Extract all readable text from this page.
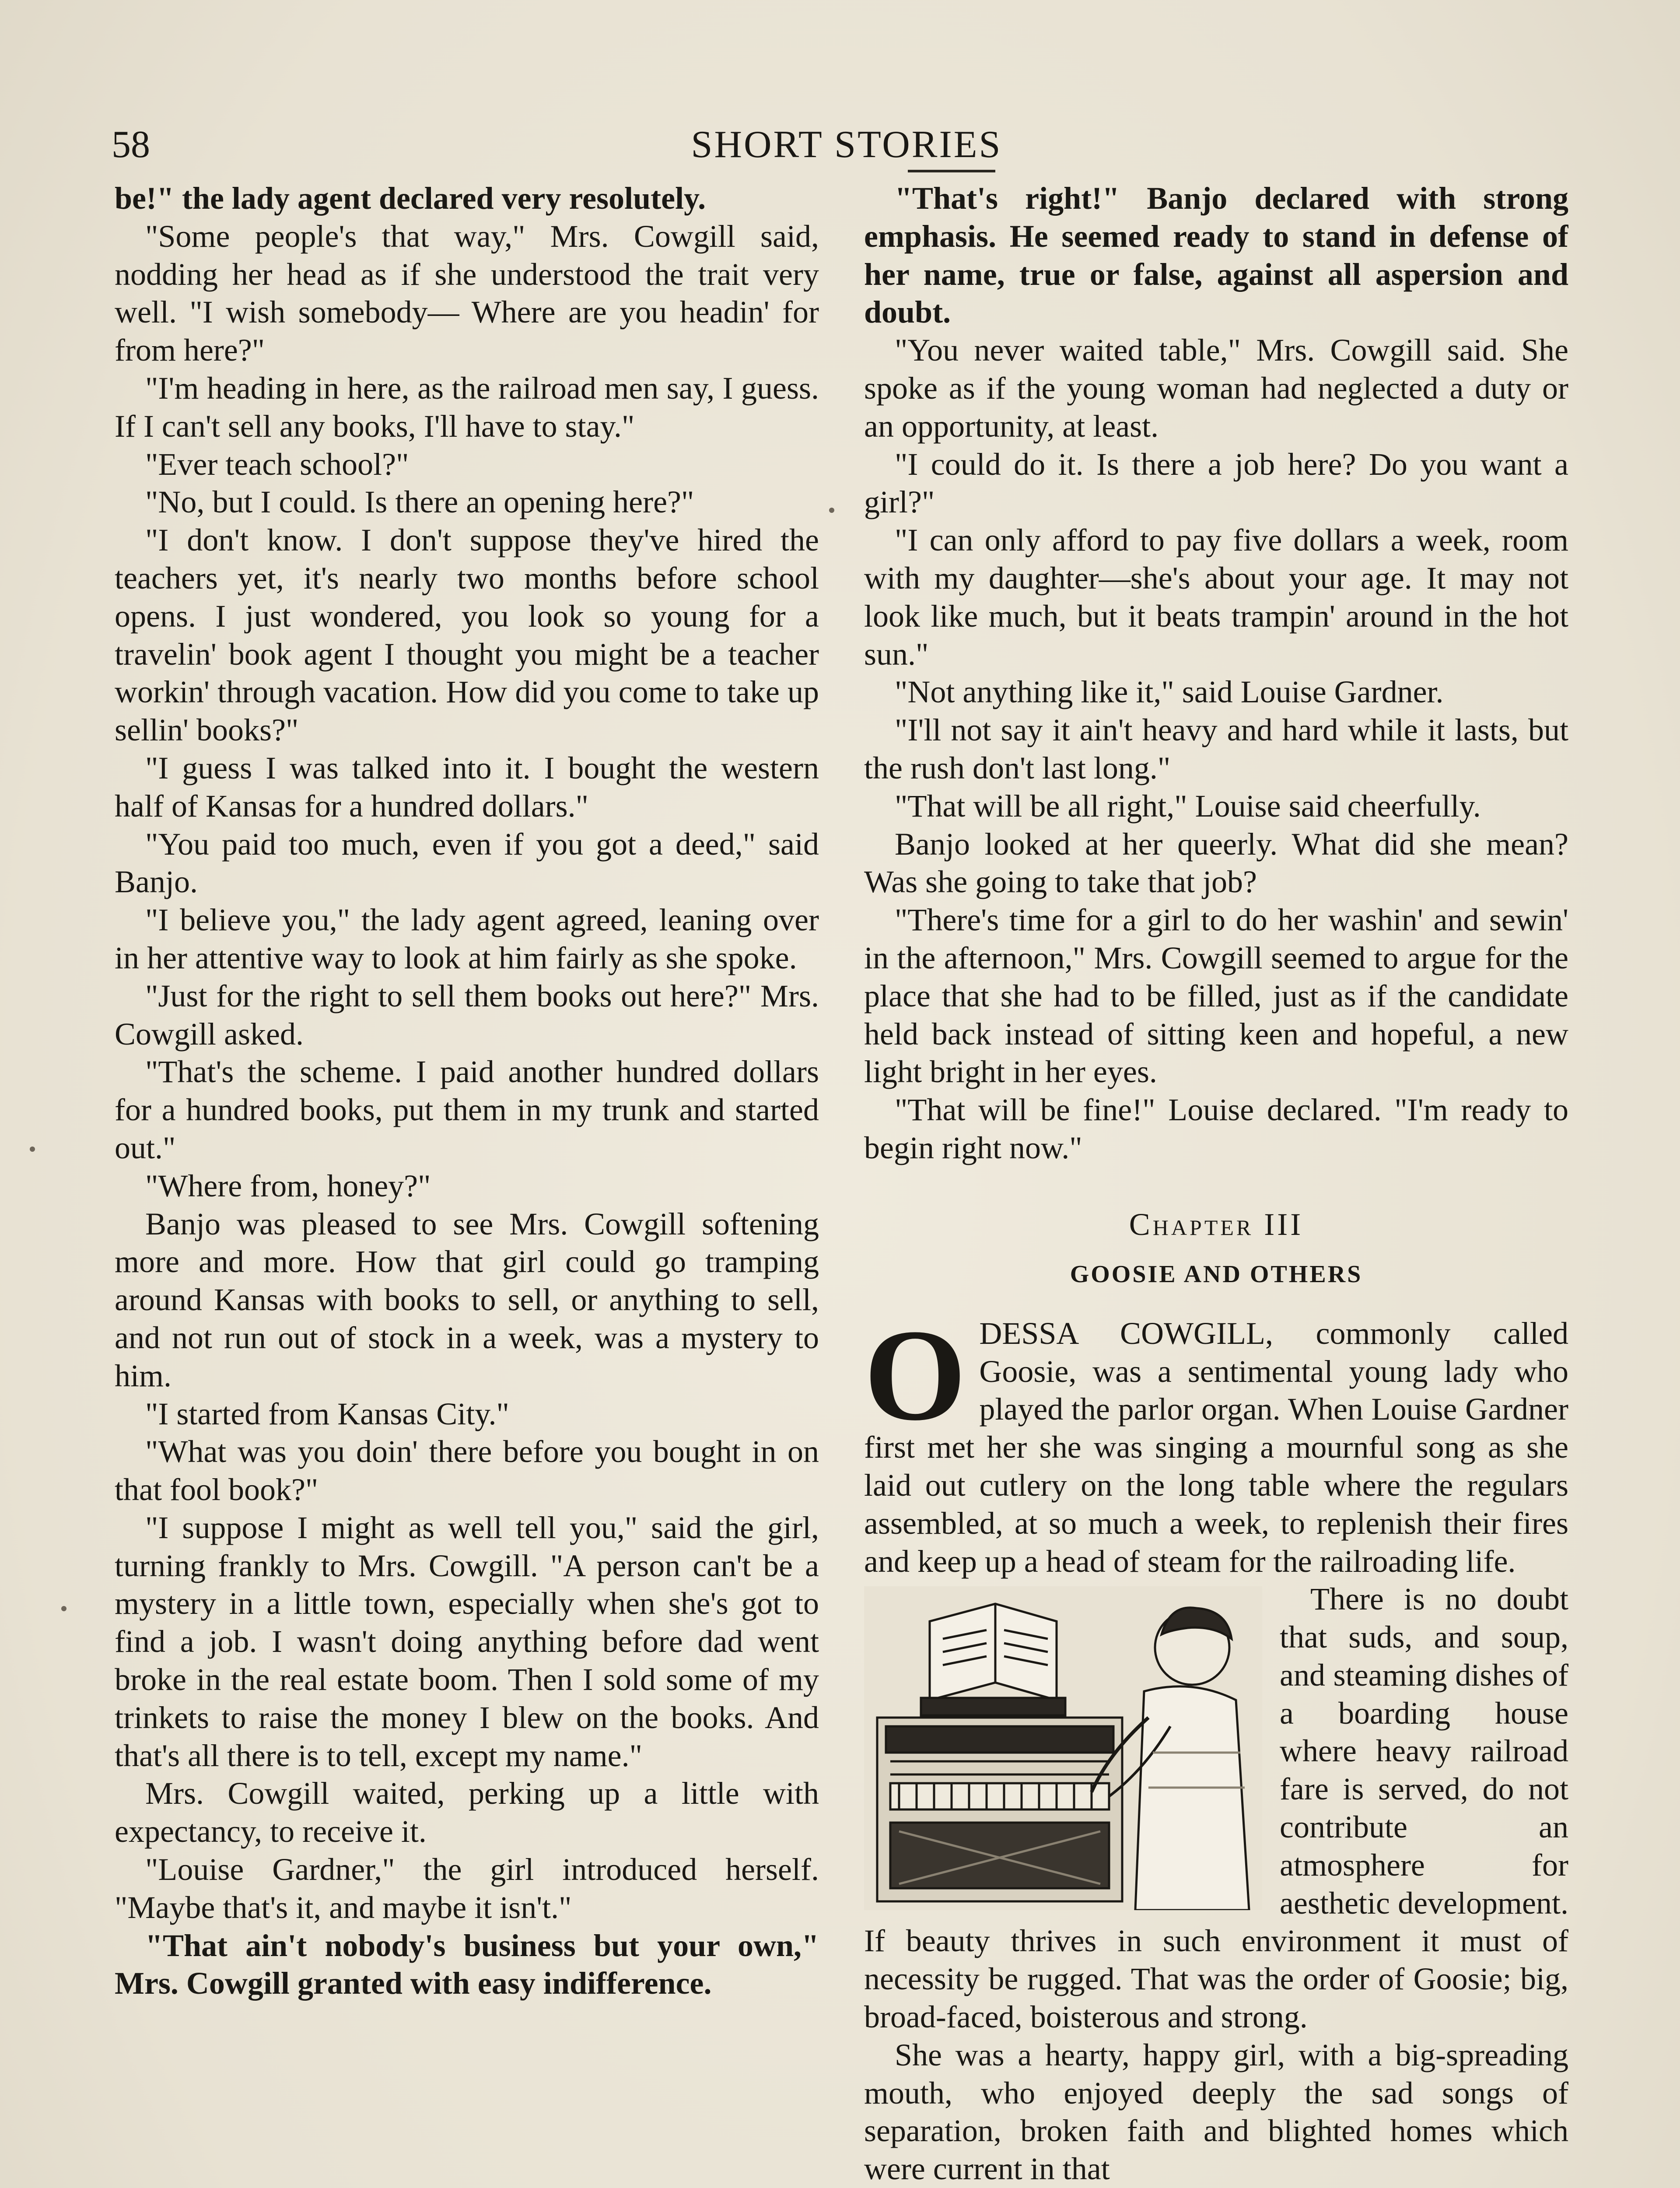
58	SHORT STORIES

be!" the lady agent declared very resolutely.

"Some people's that way," Mrs. Cowgill said, nodding her head as if she understood the trait very well. "I wish somebody— Where are you headin' for from here?"

"I'm heading in here, as the railroad men say, I guess. If I can't sell any books, I'll have to stay."

"Ever teach school?"

"No, but I could. Is there an opening here?"

"I don't know. I don't suppose they've hired the teachers yet, it's nearly two months before school opens. I just wondered, you look so young for a travelin' book agent I thought you might be a teacher workin' through vacation. How did you come to take up sellin' books?"

"I guess I was talked into it. I bought the western half of Kansas for a hundred dollars."

"You paid too much, even if you got a deed," said Banjo.

"I believe you," the lady agent agreed, leaning over in her attentive way to look at him fairly as she spoke.

"Just for the right to sell them books out here?" Mrs. Cowgill asked.

"That's the scheme. I paid another hundred dollars for a hundred books, put them in my trunk and started out."

"Where from, honey?"

Banjo was pleased to see Mrs. Cowgill softening more and more. How that girl could go tramping around Kansas with books to sell, or anything to sell, and not run out of stock in a week, was a mystery to him.

"I started from Kansas City."

"What was you doin' there before you bought in on that fool book?"

"I suppose I might as well tell you," said the girl, turning frankly to Mrs. Cowgill. "A person can't be a mystery in a little town, especially when she's got to find a job. I wasn't doing anything before dad went broke in the real estate boom. Then I sold some of my trinkets to raise the money I blew on the books. And that's all there is to tell, except my name."

Mrs. Cowgill waited, perking up a little with expectancy, to receive it.

"Louise Gardner," the girl introduced herself. "Maybe that's it, and maybe it isn't."

"That ain't nobody's business but your own," Mrs. Cowgill granted with easy indifference.

"That's right!" Banjo declared with strong emphasis. He seemed ready to stand in defense of her name, true or false, against all aspersion and doubt.

"You never waited table," Mrs. Cowgill said. She spoke as if the young woman had neglected a duty or an opportunity, at least.

"I could do it. Is there a job here? Do you want a girl?"

"I can only afford to pay five dollars a week, room with my daughter—she's about your age. It may not look like much, but it beats trampin' around in the hot sun."

"Not anything like it," said Louise Gardner.

"I'll not say it ain't heavy and hard while it lasts, but the rush don't last long."

"That will be all right," Louise said cheerfully.

Banjo looked at her queerly. What did she mean? Was she going to take that job?

"There's time for a girl to do her washin' and sewin' in the afternoon," Mrs. Cowgill seemed to argue for the place that she had to be filled, just as if the candidate held back instead of sitting keen and hopeful, a new light bright in her eyes.

"That will be fine!" Louise declared. "I'm ready to begin right now."

Chapter III
GOOSIE AND OTHERS

ODESSA COWGILL, commonly called Goosie, was a sentimental young lady who played the parlor organ. When Louise Gardner first met her she was singing a mournful song as she laid out cutlery on the long table where the regulars assembled, at so much a week, to replenish their fires and keep up a head of steam for the railroading life.

There is no doubt that suds, and soup, and steaming dishes of a boarding house where heavy railroad fare is served, do not contribute an atmosphere for aesthetic development. If beauty thrives in such environment it must of necessity be rugged. That was the order of Goosie; big, broad-faced, boisterous and strong.

She was a hearty, happy girl, with a big-spreading mouth, who enjoyed deeply the sad songs of separation, broken faith and blighted homes which were current in that
